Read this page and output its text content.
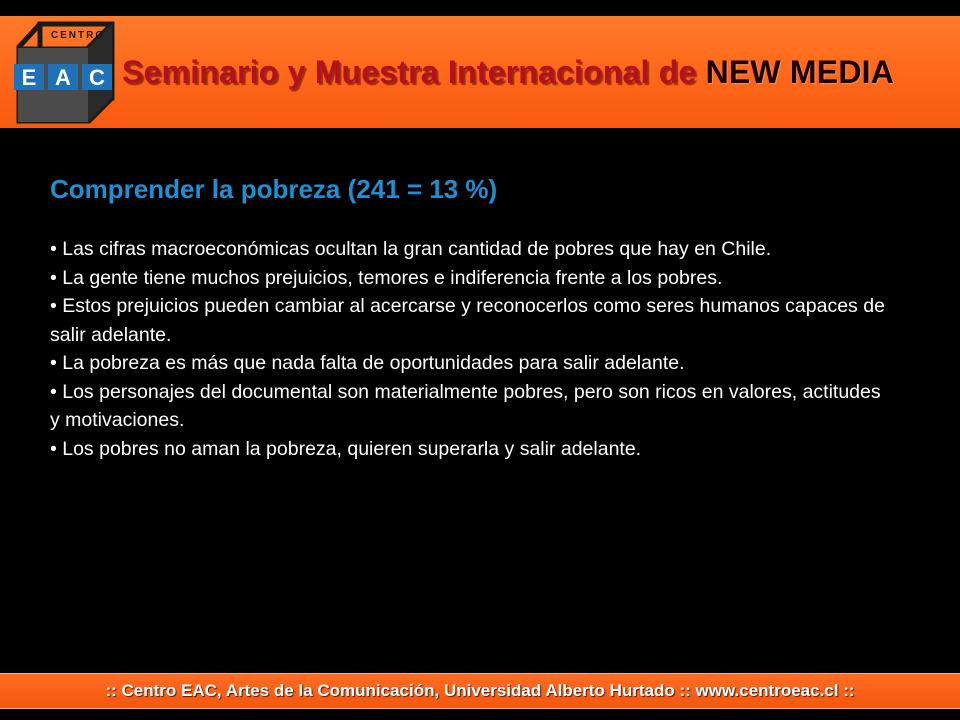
E A C
CENTRO
Seminario y Muestra Internacional de NEW MEDIA
Comprender la pobreza (241 = 13 %)

• Las cifras macroeconómicas ocultan la gran cantidad de pobres que hay en Chile.

• La gente tiene muchos prejuicios, temores e indiferencia frente a los pobres.

• Estos prejuicios pueden cambiar al acercarse y reconocerlos como seres humanos capaces de salir adelante.

• La pobreza es más que nada falta de oportunidades para salir adelante.

• Los personajes del documental son materialmente pobres, pero son ricos en valores, actitudes y motivaciones.

• Los pobres no aman la pobreza, quieren superarla y salir adelante.

:: Centro EAC, Artes de la Comunicación, Universidad Alberto Hurtado :: www.centroeac.cl ::
